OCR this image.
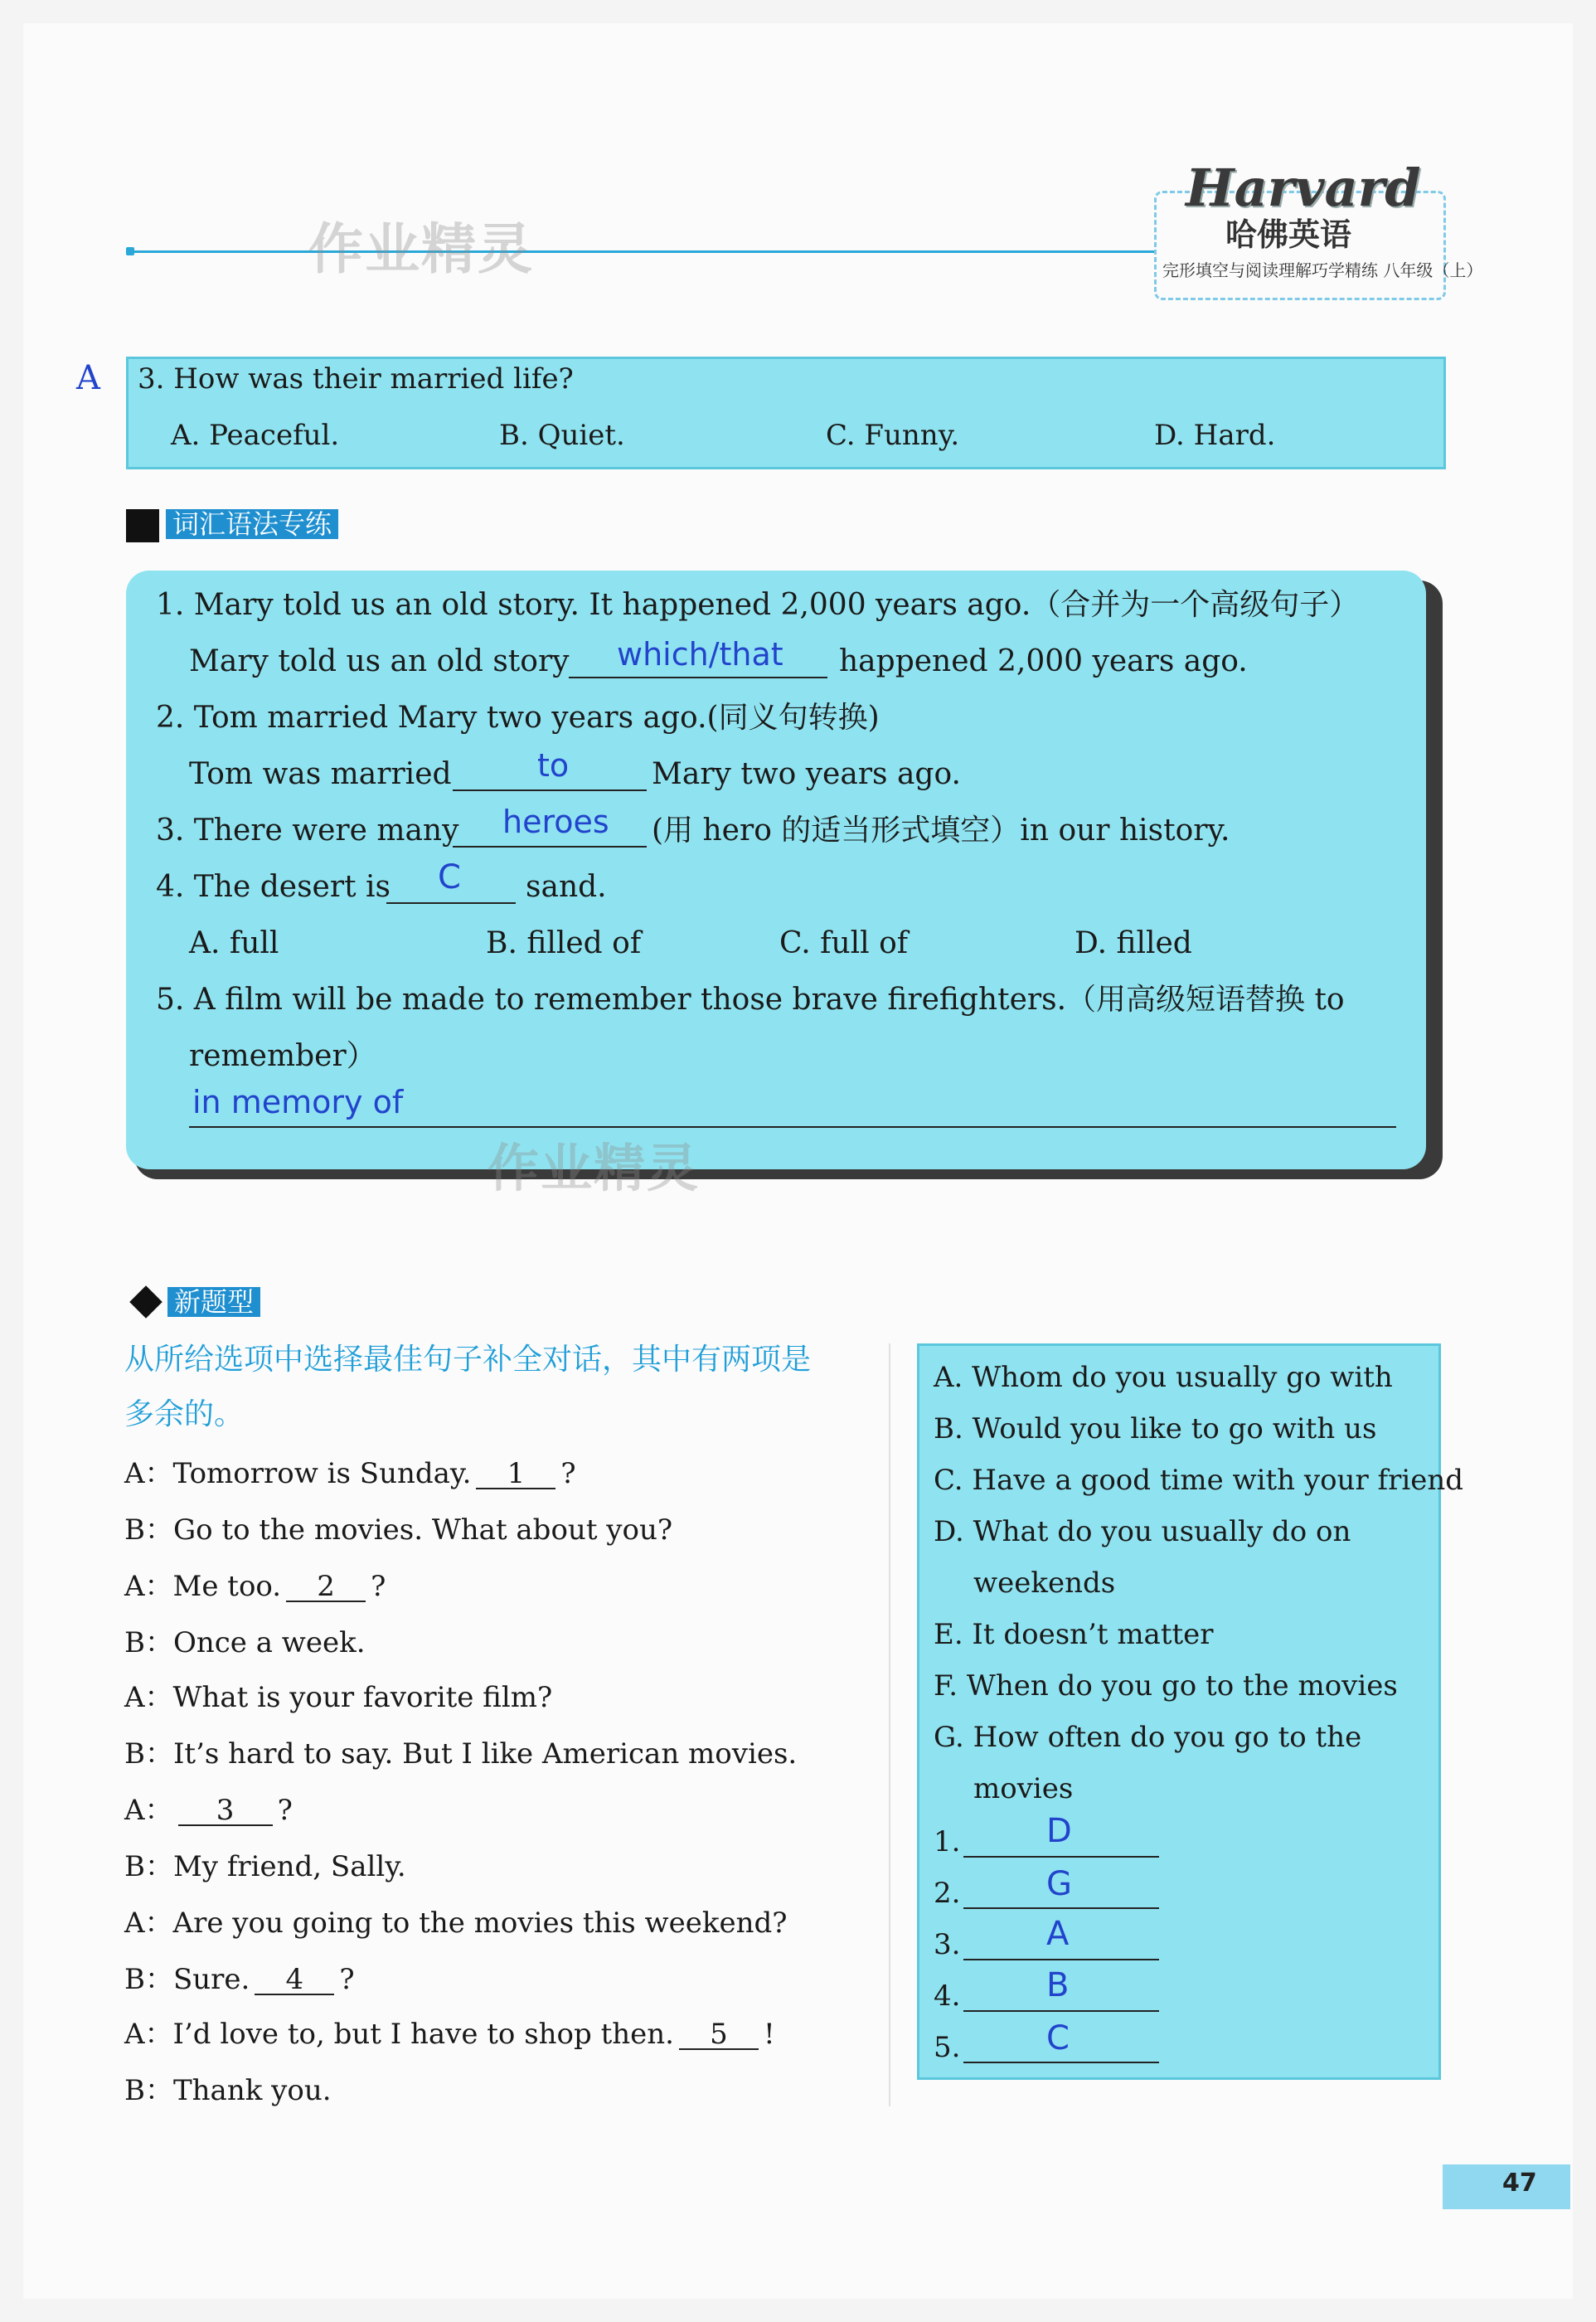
作业精灵
Harvard
哈佛英语
完形填空与阅读理解巧学精练 八年级（上）
A 3. How was their married life?
A. Peaceful.	B. Quiet.	C. Funny.	D. Hard.
词汇语法专练
1. Mary told us an old story. It happened 2,000 years ago.（合并为一个高级句子）
Mary told us an old story which/that happened 2,000 years ago.
2. Tom married Mary two years ago.(同义句转换)
Tom was married	to	Mary two years ago.
3. There were many heroes (用 hero 的适当形式填空）in our history.
4. The desert is C sand.
A. full	B. filled of	C. full of	D. filled
5. A film will be made to remember those brave firefighters.（用高级短语替换 to
remember）
in memory of
作业精灵
新题型
从所给选项中选择最佳句子补全对话，其中有两项是
多余的。
A：Tomorrow is Sunday. 1 ?
B：Go to the movies. What about you?
A：Me too. 2 ?
B：Once a week.
A：What is your favorite film?
B：It’s hard to say. But I like American movies.
A： 3 ?
B：My friend, Sally.
A：Are you going to the movies this weekend?
B：Sure. 4 ?
A：I’d love to, but I have to shop then. 5 !
B：Thank you.
A. Whom do you usually go with
B. Would you like to go with us
C. Have a good time with your friend
D. What do you usually do on
weekends
E. It doesn’t matter
F. When do you go to the movies
G. How often do you go to the
movies
1.	D
2.	G
3.	A
4.	B
5.	C
47
